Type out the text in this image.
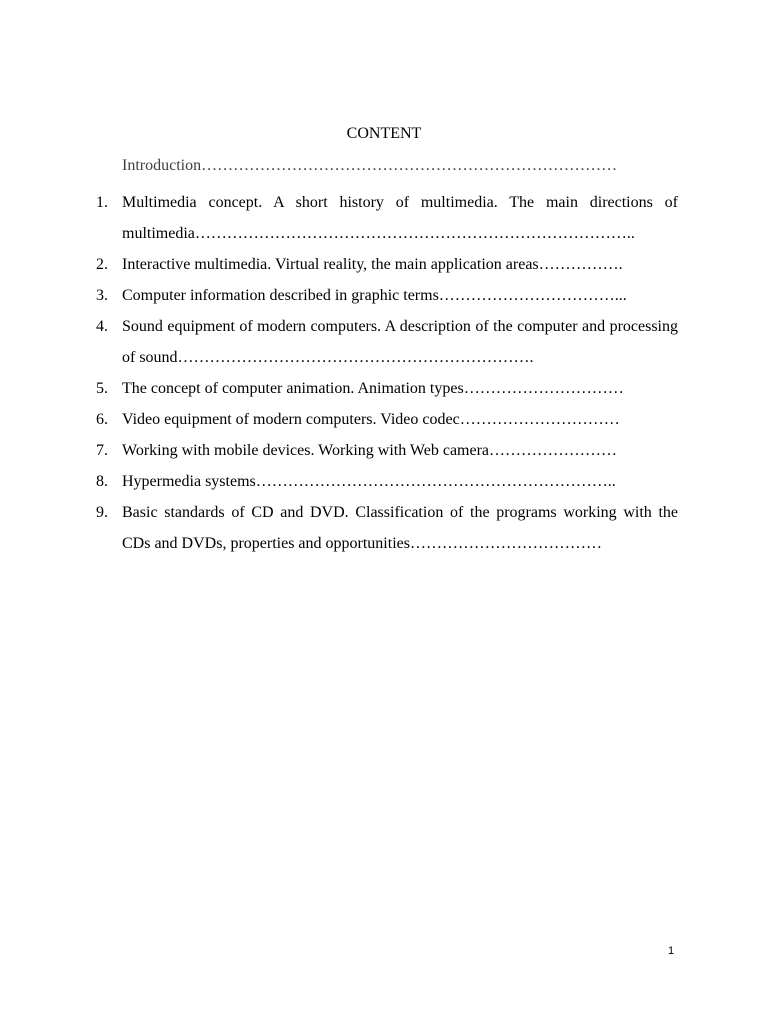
CONTENT
Introduction……………………………………………………………………
1. Multimedia concept. A short history of multimedia. The main directions of multimedia………………………………………………………………………..
2. Interactive multimedia. Virtual reality, the main application areas…………….
3. Computer information described in graphic terms……………………………...
4. Sound equipment of modern computers. A description of the computer and processing of sound………………………………………………………….
5. The concept of computer animation. Animation types…………………………
6. Video equipment of modern computers. Video codec…………………………
7. Working with mobile devices. Working with Web camera……………………
8. Hypermedia systems…………………………………………………………..
9. Basic standards of CD and DVD. Classification of the programs working with the CDs and DVDs, properties and opportunities………………………………
1
